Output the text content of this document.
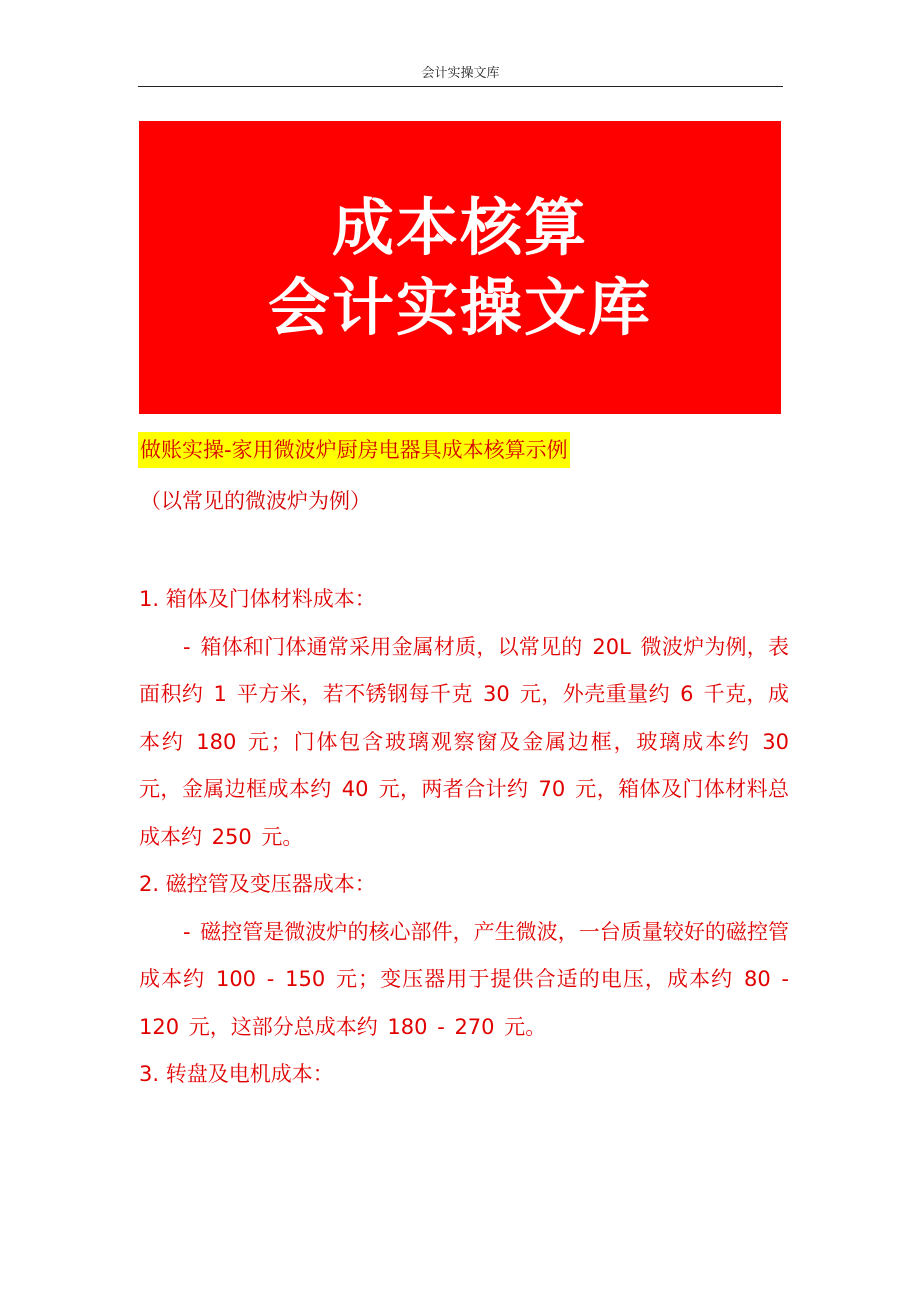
会计实操文库
成本核算
会计实操文库
做账实操-家用微波炉厨房电器具成本核算示例
（以常见的微波炉为例）

1. 箱体及门体材料成本：

- 箱体和门体通常采用金属材质，以常见的 20L 微波炉为例，表面积约 1 平方米，若不锈钢每千克 30 元，外壳重量约 6 千克，成本约 180 元；门体包含玻璃观察窗及金属边框，玻璃成本约 30 元，金属边框成本约 40 元，两者合计约 70 元，箱体及门体材料总成本约 250 元。

2. 磁控管及变压器成本：

- 磁控管是微波炉的核心部件，产生微波，一台质量较好的磁控管成本约 100 - 150 元；变压器用于提供合适的电压，成本约 80 - 120 元，这部分总成本约 180 - 270 元。

3. 转盘及电机成本：
